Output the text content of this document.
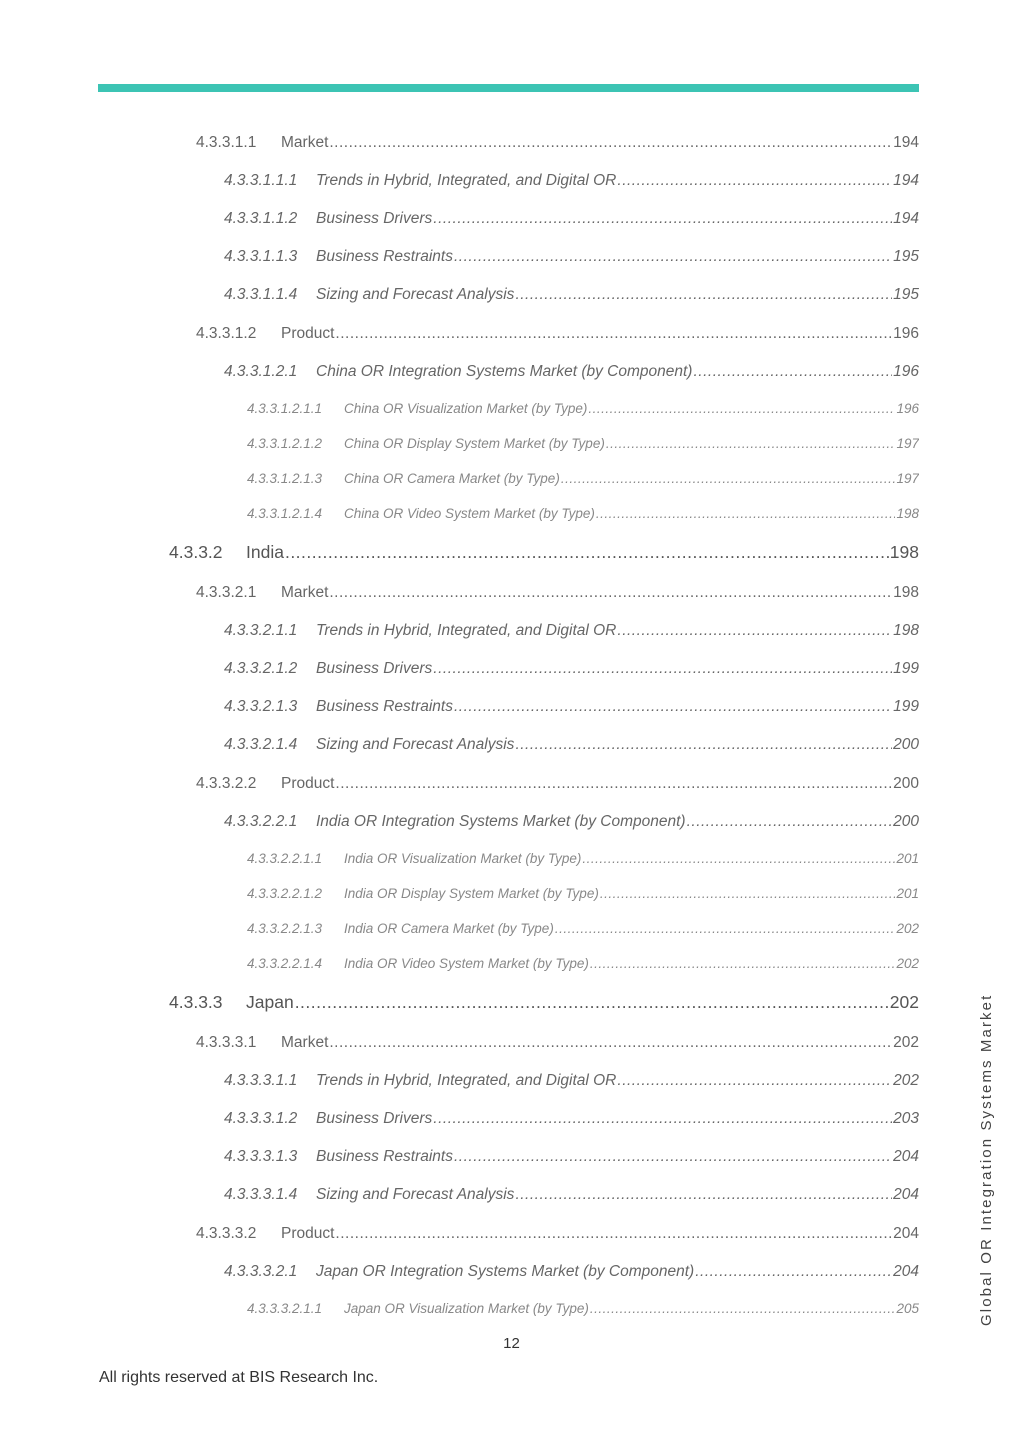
4.3.3.1.1	Market .....	194
4.3.3.1.1.1	Trends in Hybrid, Integrated, and Digital OR .....	194
4.3.3.1.1.2	Business Drivers .....	194
4.3.3.1.1.3	Business Restraints .....	195
4.3.3.1.1.4	Sizing and Forecast Analysis .....	195
4.3.3.1.2	Product .....	196
4.3.3.1.2.1	China OR Integration Systems Market (by Component) .....	196
4.3.3.1.2.1.1	China OR Visualization Market (by Type) .....	196
4.3.3.1.2.1.2	China OR Display System Market (by Type) .....	197
4.3.3.1.2.1.3	China OR Camera Market (by Type) .....	197
4.3.3.1.2.1.4	China OR Video System Market (by Type) .....	198
4.3.3.2	India .....	198
4.3.3.2.1	Market .....	198
4.3.3.2.1.1	Trends in Hybrid, Integrated, and Digital OR .....	198
4.3.3.2.1.2	Business Drivers .....	199
4.3.3.2.1.3	Business Restraints .....	199
4.3.3.2.1.4	Sizing and Forecast Analysis .....	200
4.3.3.2.2	Product .....	200
4.3.3.2.2.1	India OR Integration Systems Market (by Component) .....	200
4.3.3.2.2.1.1	India OR Visualization Market (by Type) .....	201
4.3.3.2.2.1.2	India OR Display System Market (by Type) .....	201
4.3.3.2.2.1.3	India OR Camera Market (by Type) .....	202
4.3.3.2.2.1.4	India OR Video System Market (by Type) .....	202
4.3.3.3	Japan .....	202
4.3.3.3.1	Market .....	202
4.3.3.3.1.1	Trends in Hybrid, Integrated, and Digital OR .....	202
4.3.3.3.1.2	Business Drivers .....	203
4.3.3.3.1.3	Business Restraints .....	204
4.3.3.3.1.4	Sizing and Forecast Analysis .....	204
4.3.3.3.2	Product .....	204
4.3.3.3.2.1	Japan OR Integration Systems Market (by Component) .....	204
4.3.3.3.2.1.1	Japan OR Visualization Market (by Type) .....	205
12
All rights reserved at BIS Research Inc.
Global OR Integration Systems Market
